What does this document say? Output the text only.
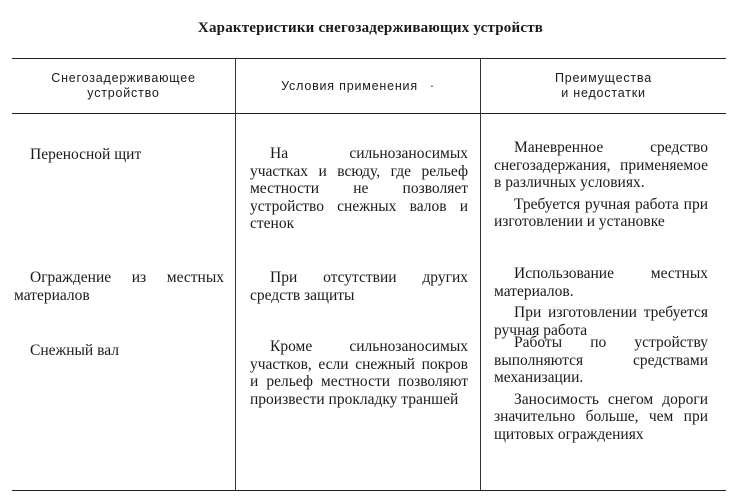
Характеристики снегозадерживающих устройств
Снегозадерживающее
устройство
Условия применения ·
Преимущества
и недостатки

Переносной щит	На сильнозаносимых участках и всюду, где рельеф местности не позволяет устройство снежных валов и стенок

Маневренное средство снегозадержания, применяемое в различных условиях.

Требуется ручная работа при изготовлении и установке

Ограждение из местных материалов

При отсутствии других средств защиты

Использование местных материалов.

При изготовлении требуется ручная работа

Снежный вал	Кроме сильнозаносимых участков, если снежный покров и рельеф местности позволяют произвести прокладку траншей

Работы по устройству выполняются средствами механизации.

Заносимость снегом дороги значительно больше, чем при щитовых ограждениях
